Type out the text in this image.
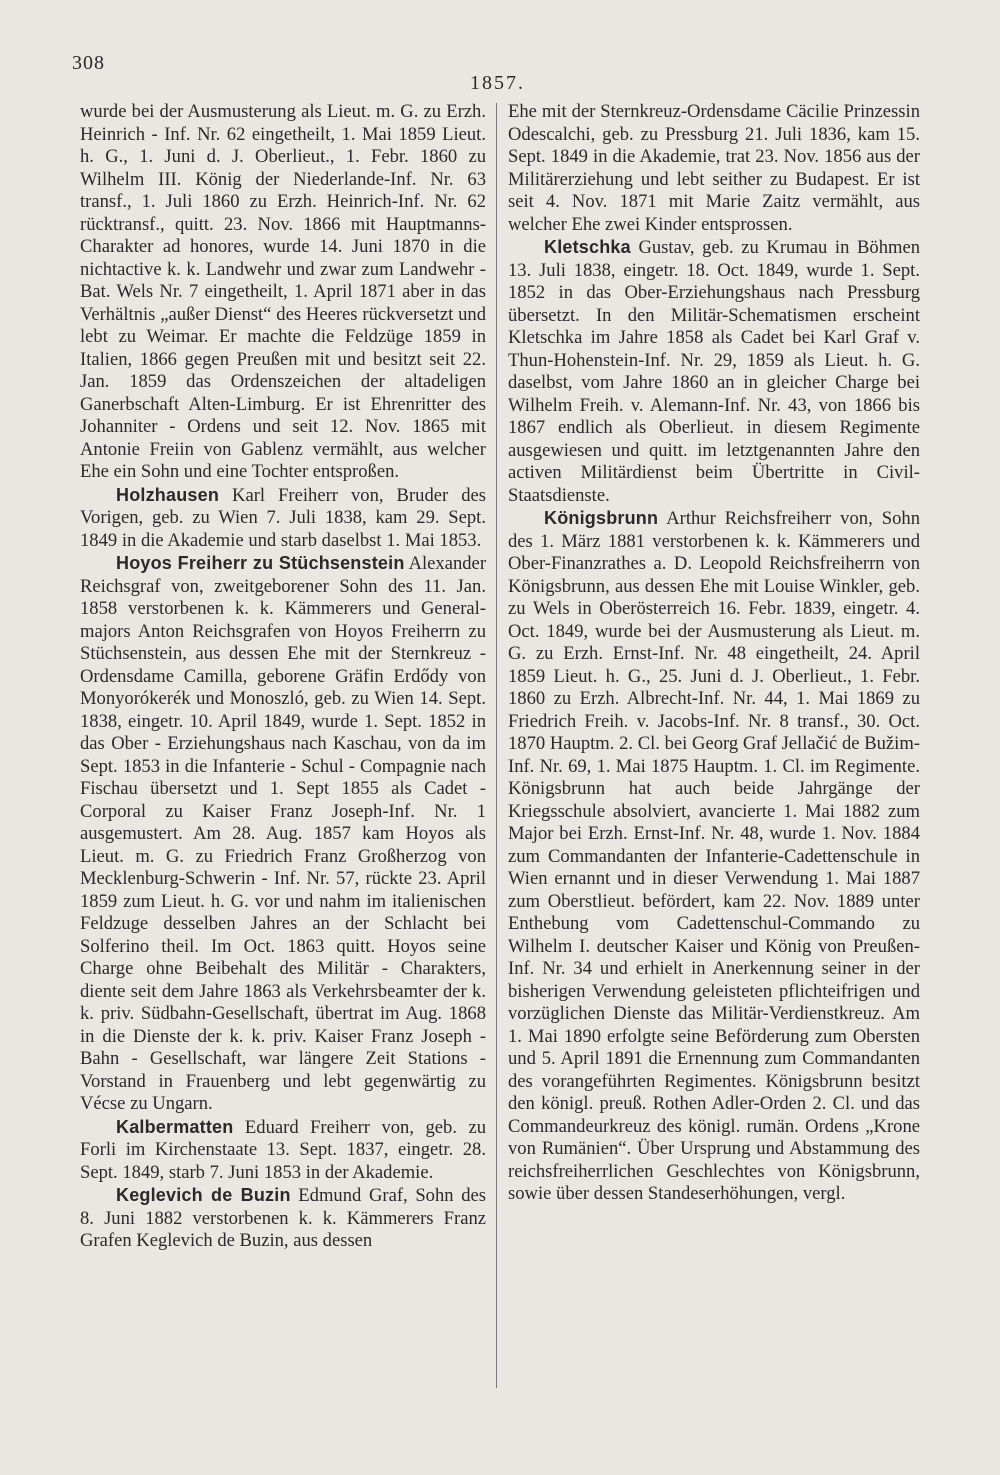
308
1857.

wurde bei der Ausmusterung als Lieut. m. G. zu Erzh. Heinrich - Inf. Nr. 62 eingetheilt, 1. Mai 1859 Lieut. h. G., 1. Juni d. J. Oberlieut., 1. Febr. 1860 zu Wilhelm III. König der Niederlande-Inf. Nr. 63 transf., 1. Juli 1860 zu Erzh. Heinrich-Inf. Nr. 62 rücktransf., quitt. 23. Nov. 1866 mit Hauptmanns-Charakter ad honores, wurde 14. Juni 1870 in die nichtactive k. k. Landwehr und zwar zum Landwehr - Bat. Wels Nr. 7 eingetheilt, 1. April 1871 aber in das Verhältnis „außer Dienst“ des Heeres rückversetzt und lebt zu Weimar. Er machte die Feldzüge 1859 in Italien, 1866 gegen Preußen mit und besitzt seit 22. Jan. 1859 das Ordenszeichen der altadeligen Ganerbschaft Alten-Limburg. Er ist Ehrenritter des Johanniter - Ordens und seit 12. Nov. 1865 mit Antonie Freiin von Gablenz vermählt, aus welcher Ehe ein Sohn und eine Tochter entsproßen.

Holzhausen Karl Freiherr von, Bruder des Vorigen, geb. zu Wien 7. Juli 1838, kam 29. Sept. 1849 in die Akademie und starb daselbst 1. Mai 1853.

Hoyos Freiherr zu Stüchsenstein Alexander Reichsgraf von, zweitgeborener Sohn des 11. Jan. 1858 verstorbenen k. k. Kämmerers und General-majors Anton Reichsgrafen von Hoyos Freiherrn zu Stüchsenstein, aus dessen Ehe mit der Sternkreuz - Ordensdame Camilla, geborene Gräfin Erdődy von Monyorókerék und Monoszló, geb. zu Wien 14. Sept. 1838, eingetr. 10. April 1849, wurde 1. Sept. 1852 in das Ober - Erziehungshaus nach Kaschau, von da im Sept. 1853 in die Infanterie - Schul - Compagnie nach Fischau übersetzt und 1. Sept 1855 als Cadet - Corporal zu Kaiser Franz Joseph-Inf. Nr. 1 ausgemustert. Am 28. Aug. 1857 kam Hoyos als Lieut. m. G. zu Friedrich Franz Großherzog von Mecklenburg-Schwerin - Inf. Nr. 57, rückte 23. April 1859 zum Lieut. h. G. vor und nahm im italienischen Feldzuge desselben Jahres an der Schlacht bei Solferino theil. Im Oct. 1863 quitt. Hoyos seine Charge ohne Beibehalt des Militär - Charakters, diente seit dem Jahre 1863 als Verkehrsbeamter der k. k. priv. Südbahn-Gesellschaft, übertrat im Aug. 1868 in die Dienste der k. k. priv. Kaiser Franz Joseph - Bahn - Gesellschaft, war längere Zeit Stations - Vorstand in Frauenberg und lebt gegenwärtig zu Vécse zu Ungarn.

Kalbermatten Eduard Freiherr von, geb. zu Forli im Kirchenstaate 13. Sept. 1837, eingetr. 28. Sept. 1849, starb 7. Juni 1853 in der Akademie.

Keglevich de Buzin Edmund Graf, Sohn des 8. Juni 1882 verstorbenen k. k. Kämmerers Franz Grafen Keglevich de Buzin, aus dessen

Ehe mit der Sternkreuz-Ordensdame Cäcilie Prinzessin Odescalchi, geb. zu Pressburg 21. Juli 1836, kam 15. Sept. 1849 in die Akademie, trat 23. Nov. 1856 aus der Militärerziehung und lebt seither zu Budapest. Er ist seit 4. Nov. 1871 mit Marie Zaitz vermählt, aus welcher Ehe zwei Kinder entsprossen.

Kletschka Gustav, geb. zu Krumau in Böhmen 13. Juli 1838, eingetr. 18. Oct. 1849, wurde 1. Sept. 1852 in das Ober-Erziehungshaus nach Pressburg übersetzt. In den Militär-Schematismen erscheint Kletschka im Jahre 1858 als Cadet bei Karl Graf v. Thun-Hohenstein-Inf. Nr. 29, 1859 als Lieut. h. G. daselbst, vom Jahre 1860 an in gleicher Charge bei Wilhelm Freih. v. Alemann-Inf. Nr. 43, von 1866 bis 1867 endlich als Oberlieut. in diesem Regimente ausgewiesen und quitt. im letztgenannten Jahre den activen Militärdienst beim Übertritte in Civil-Staatsdienste.

Königsbrunn Arthur Reichsfreiherr von, Sohn des 1. März 1881 verstorbenen k. k. Kämmerers und Ober-Finanzrathes a. D. Leopold Reichsfreiherrn von Königsbrunn, aus dessen Ehe mit Louise Winkler, geb. zu Wels in Oberösterreich 16. Febr. 1839, eingetr. 4. Oct. 1849, wurde bei der Ausmusterung als Lieut. m. G. zu Erzh. Ernst-Inf. Nr. 48 eingetheilt, 24. April 1859 Lieut. h. G., 25. Juni d. J. Oberlieut., 1. Febr. 1860 zu Erzh. Albrecht-Inf. Nr. 44, 1. Mai 1869 zu Friedrich Freih. v. Jacobs-Inf. Nr. 8 transf., 30. Oct. 1870 Hauptm. 2. Cl. bei Georg Graf Jellačić de Bužim-Inf. Nr. 69, 1. Mai 1875 Hauptm. 1. Cl. im Regimente. Königsbrunn hat auch beide Jahrgänge der Kriegsschule absolviert, avancierte 1. Mai 1882 zum Major bei Erzh. Ernst-Inf. Nr. 48, wurde 1. Nov. 1884 zum Commandanten der Infanterie-Cadettenschule in Wien ernannt und in dieser Verwendung 1. Mai 1887 zum Oberstlieut. befördert, kam 22. Nov. 1889 unter Enthebung vom Cadettenschul-Commando zu Wilhelm I. deutscher Kaiser und König von Preußen-Inf. Nr. 34 und erhielt in Anerkennung seiner in der bisherigen Verwendung geleisteten pflichteifrigen und vorzüglichen Dienste das Militär-Verdienstkreuz. Am 1. Mai 1890 erfolgte seine Beförderung zum Obersten und 5. April 1891 die Ernennung zum Commandanten des vorangeführten Regimentes. Königsbrunn besitzt den königl. preuß. Rothen Adler-Orden 2. Cl. und das Commandeurkreuz des königl. rumän. Ordens „Krone von Rumänien“. Über Ursprung und Abstammung des reichsfreiherrlichen Geschlechtes von Königsbrunn, sowie über dessen Standeserhöhungen, vergl.
